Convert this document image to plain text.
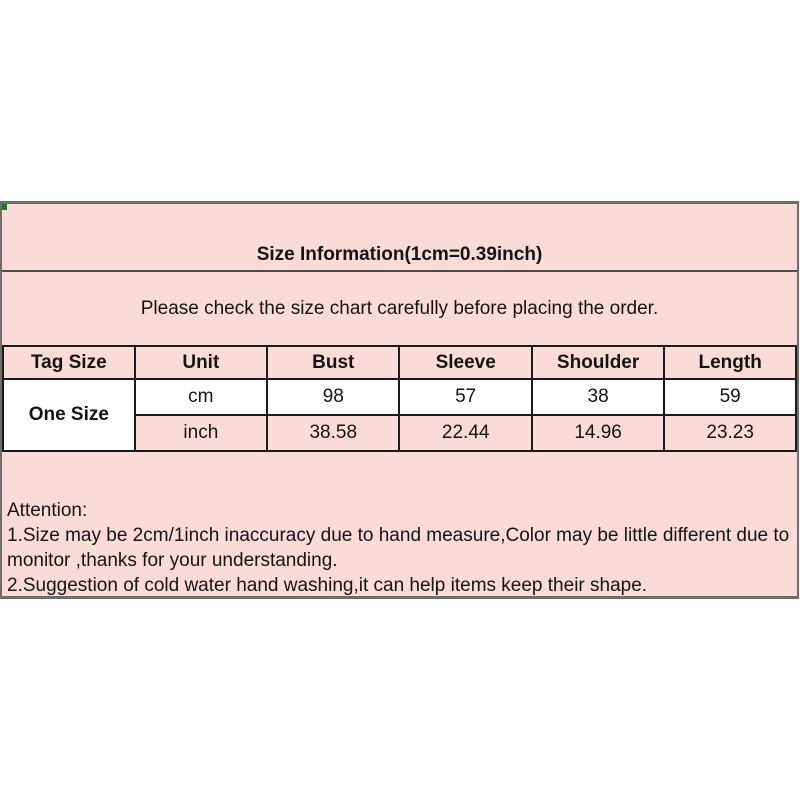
Size Information(1cm=0.39inch)
Please check the size chart carefully before placing the order.
Tag Size	Unit	Bust	Sleeve	Shoulder	Length
One Size	cm	98	57	38	59
	inch	38.58	22.44	14.96	23.23
Attention:
1.Size may be 2cm/1inch inaccuracy due to hand measure,Color may be little different due to
monitor ,thanks for your understanding.
2.Suggestion of cold water hand washing,it can help items keep their shape.
